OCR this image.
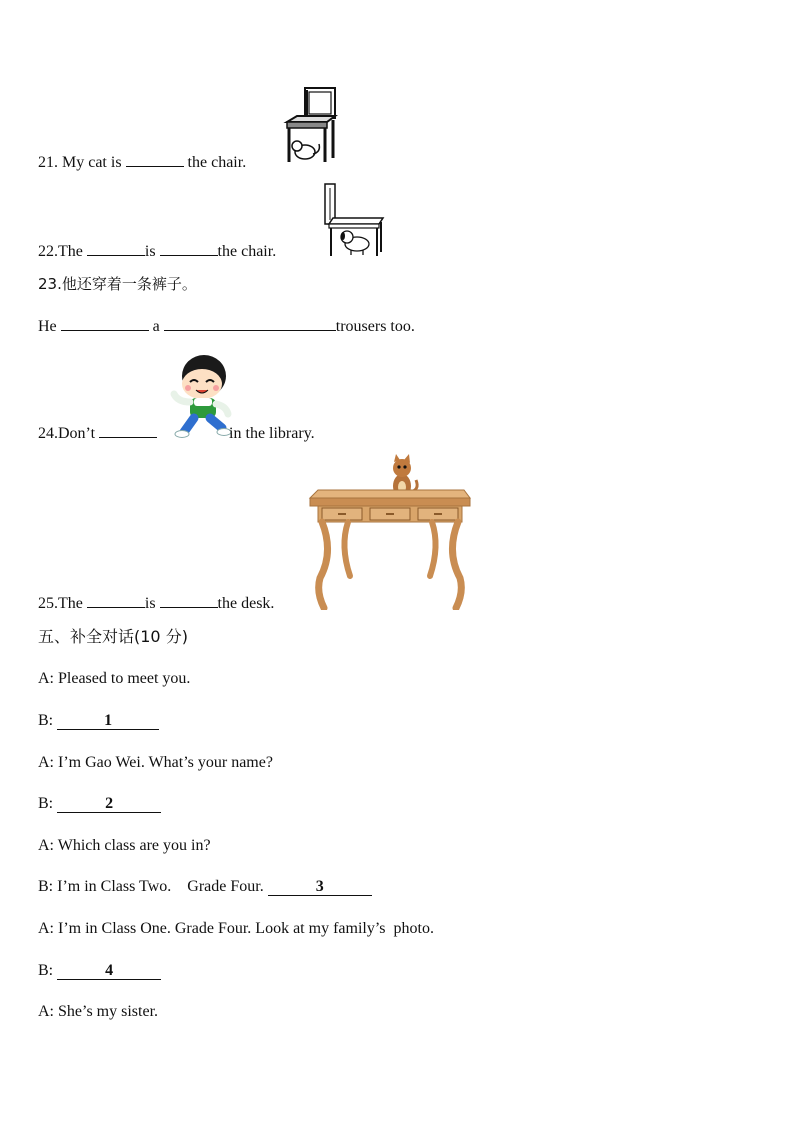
21. My cat is	the chair.
22.The	is	the chair.
23.他还穿着一条裤子。
He	a	trousers too.
24.Don’t	in the library.
25.The	is	the desk.
五、补全对话(10 分)
A: Pleased to meet you.
B:	1
A: I’m Gao Wei. What’s your name?
B:	2
A: Which class are you in?
B: I’m in Class Two.    Grade Four.	3
A: I’m in Class One. Grade Four. Look at my family’s  photo.
B:	4
A: She’s my sister.
